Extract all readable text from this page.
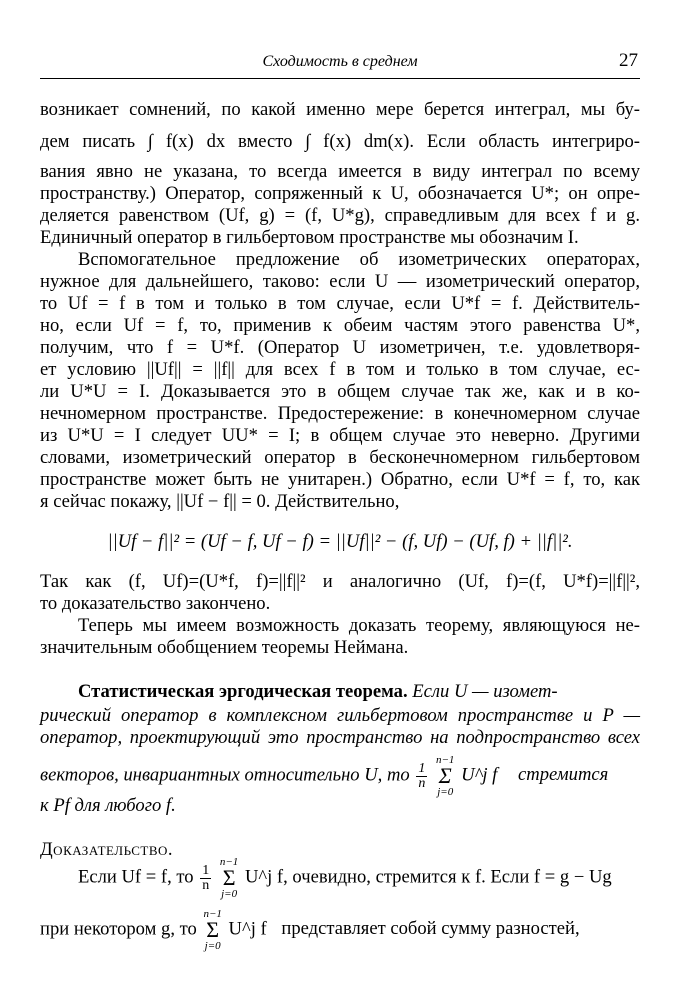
Сходимость в среднем	27
возникает сомнений, по какой именно мере берется интеграл, мы бу-
дем писать ∫ f(x) dx вместо ∫ f(x) dm(x). Если область интегриро-
вания явно не указана, то всегда имеется в виду интеграл по всему
пространству.) Оператор, сопряженный к U, обозначается U*; он опре-
деляется равенством (Uf, g) = (f, U*g), справедливым для всех f и g.
Единичный оператор в гильбертовом пространстве мы обозначим I.
Вспомогательное предложение об изометрических операторах,
нужное для дальнейшего, таково: если U — изометрический оператор,
то Uf = f в том и только в том случае, если U*f = f. Действитель-
но, если Uf = f, то, применив к обеим частям этого равенства U*,
получим, что f = U*f. (Оператор U изометричен, т.е. удовлетворя-
ет условию ||Uf|| = ||f|| для всех f в том и только в том случае, ес-
ли U*U = I. Доказывается это в общем случае так же, как и в ко-
нечномерном пространстве. Предостережение: в конечномерном случае
из U*U = I следует UU* = I; в общем случае это неверно. Другими
словами, изометрический оператор в бесконечномерном гильбертовом
пространстве может быть не унитарен.) Обратно, если U*f = f, то, как
я сейчас покажу, ||Uf − f|| = 0. Действительно,
||Uf − f||² = (Uf − f, Uf − f) = ||Uf||² − (f, Uf) − (Uf, f) + ||f||².
Так как (f, Uf)=(U*f, f)=||f||² и аналогично (Uf, f)=(f, U*f)=||f||²,
то доказательство закончено.
Теперь мы имеем возможность доказать теорему, являющуюся не-
значительным обобщением теоремы Неймана.
Статистическая эргодическая теорема. Если U — изомет-
рический оператор в комплексном гильбертовом пространстве и P —
оператор, проектирующий это пространство на подпространство всех
векторов, инвариантных относительно U, то $\frac{1}{n}$

n−1
Σ
j=0
U^j f стремится
к Pf для любого f.
Доказательство.
Если Uf = f, то $\frac{1}{n}$

n−1
Σ
j=0
U^j f, очевидно, стремится к f. Если f = g − Ug
при некотором g, то
n−1
Σ
j=0
U^j f представляет собой сумму разностей,
